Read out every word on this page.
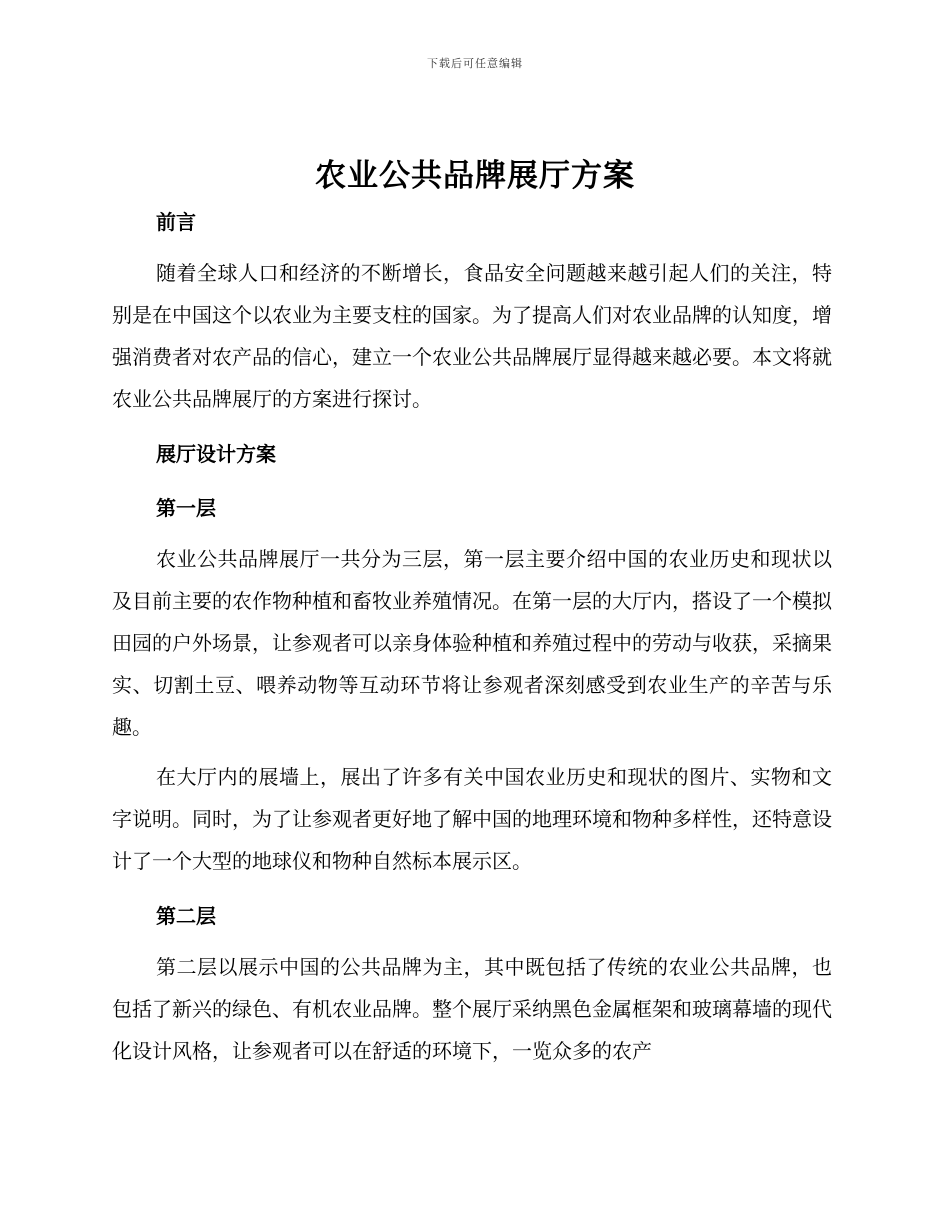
下载后可任意编辑
农业公共品牌展厅方案
前言

随着全球人口和经济的不断增长，食品安全问题越来越引起人们的关注，特别是在中国这个以农业为主要支柱的国家。为了提高人们对农业品牌的认知度，增强消费者对农产品的信心，建立一个农业公共品牌展厅显得越来越必要。本文将就农业公共品牌展厅的方案进行探讨。

展厅设计方案
第一层

农业公共品牌展厅一共分为三层，第一层主要介绍中国的农业历史和现状以及目前主要的农作物种植和畜牧业养殖情况。在第一层的大厅内，搭设了一个模拟田园的户外场景，让参观者可以亲身体验种植和养殖过程中的劳动与收获，采摘果实、切割土豆、喂养动物等互动环节将让参观者深刻感受到农业生产的辛苦与乐趣。

在大厅内的展墙上，展出了许多有关中国农业历史和现状的图片、实物和文字说明。同时，为了让参观者更好地了解中国的地理环境和物种多样性，还特意设计了一个大型的地球仪和物种自然标本展示区。

第二层

第二层以展示中国的公共品牌为主，其中既包括了传统的农业公共品牌，也包括了新兴的绿色、有机农业品牌。整个展厅采纳黑色金属框架和玻璃幕墙的现代化设计风格，让参观者可以在舒适的环境下，一览众多的农产
